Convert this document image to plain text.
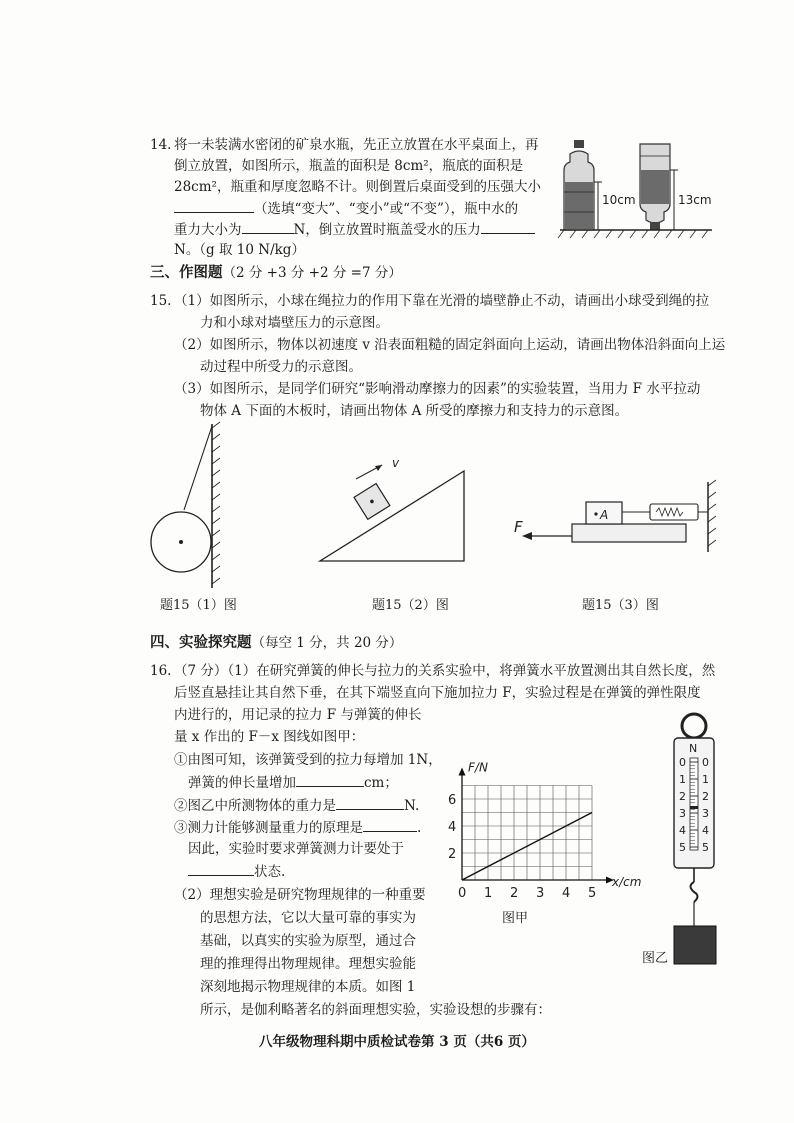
14. 将一未装满水密闭的矿泉水瓶，先正立放置在水平桌面上，再
倒立放置，如图所示，瓶盖的面积是 8cm²，瓶底的面积是
28cm²，瓶重和厚度忽略不计。则倒置后桌面受到的压强大小
（选填“变大”、“变小”或“不变”），瓶中水的
重力大小为	N，倒立放置时瓶盖受水的压力
N。（g 取 10 N/kg）
10cm	13cm
三、作图题（2 分 +3 分 +2 分 =7 分）
15. （1）如图所示，小球在绳拉力的作用下靠在光滑的墙壁静止不动，请画出小球受到绳的拉
力和小球对墙壁压力的示意图。
（2）如图所示，物体以初速度 v 沿表面粗糙的固定斜面向上运动，请画出物体沿斜面向上运
动过程中所受力的示意图。
（3）如图所示，是同学们研究“影响滑动摩擦力的因素”的实验装置，当用力 F 水平拉动
物体 A 下面的木板时，请画出物体 A 所受的摩擦力和支持力的示意图。
题15（1）图
v
题15（2）图
A
F
题15（3）图
四、实验探究题（每空 1 分，共 20 分）
16. （7 分）（1）在研究弹簧的伸长与拉力的关系实验中，将弹簧水平放置测出其自然长度，然
后竖直悬挂让其自然下垂，在其下端竖直向下施加拉力 F，实验过程是在弹簧的弹性限度
内进行的，用记录的拉力 F 与弹簧的伸长
量 x 作出的 F－x 图线如图甲：
①由图可知，该弹簧受到的拉力每增加 1N，
弹簧的伸长量增加	cm；
②图乙中所测物体的重力是	N.
③测力计能够测量重力的原理是	.
因此，实验时要求弹簧测力计要处于
状态.
（2）理想实验是研究物理规律的一种重要
的思想方法，它以大量可靠的事实为
基础，以真实的实验为原型，通过合
理的推理得出物理规律。理想实验能
深刻地揭示物理规律的本质。如图 1
所示，是伽利略著名的斜面理想实验，实验设想的步骤有：
0 1 2 3 4 5
2
4
6
x/cm
F/N
图甲
N
0
1
2
3
4
5
0
1
2
3
4
5
图乙
八年级物理科期中质检试卷第 3 页（共6 页）
